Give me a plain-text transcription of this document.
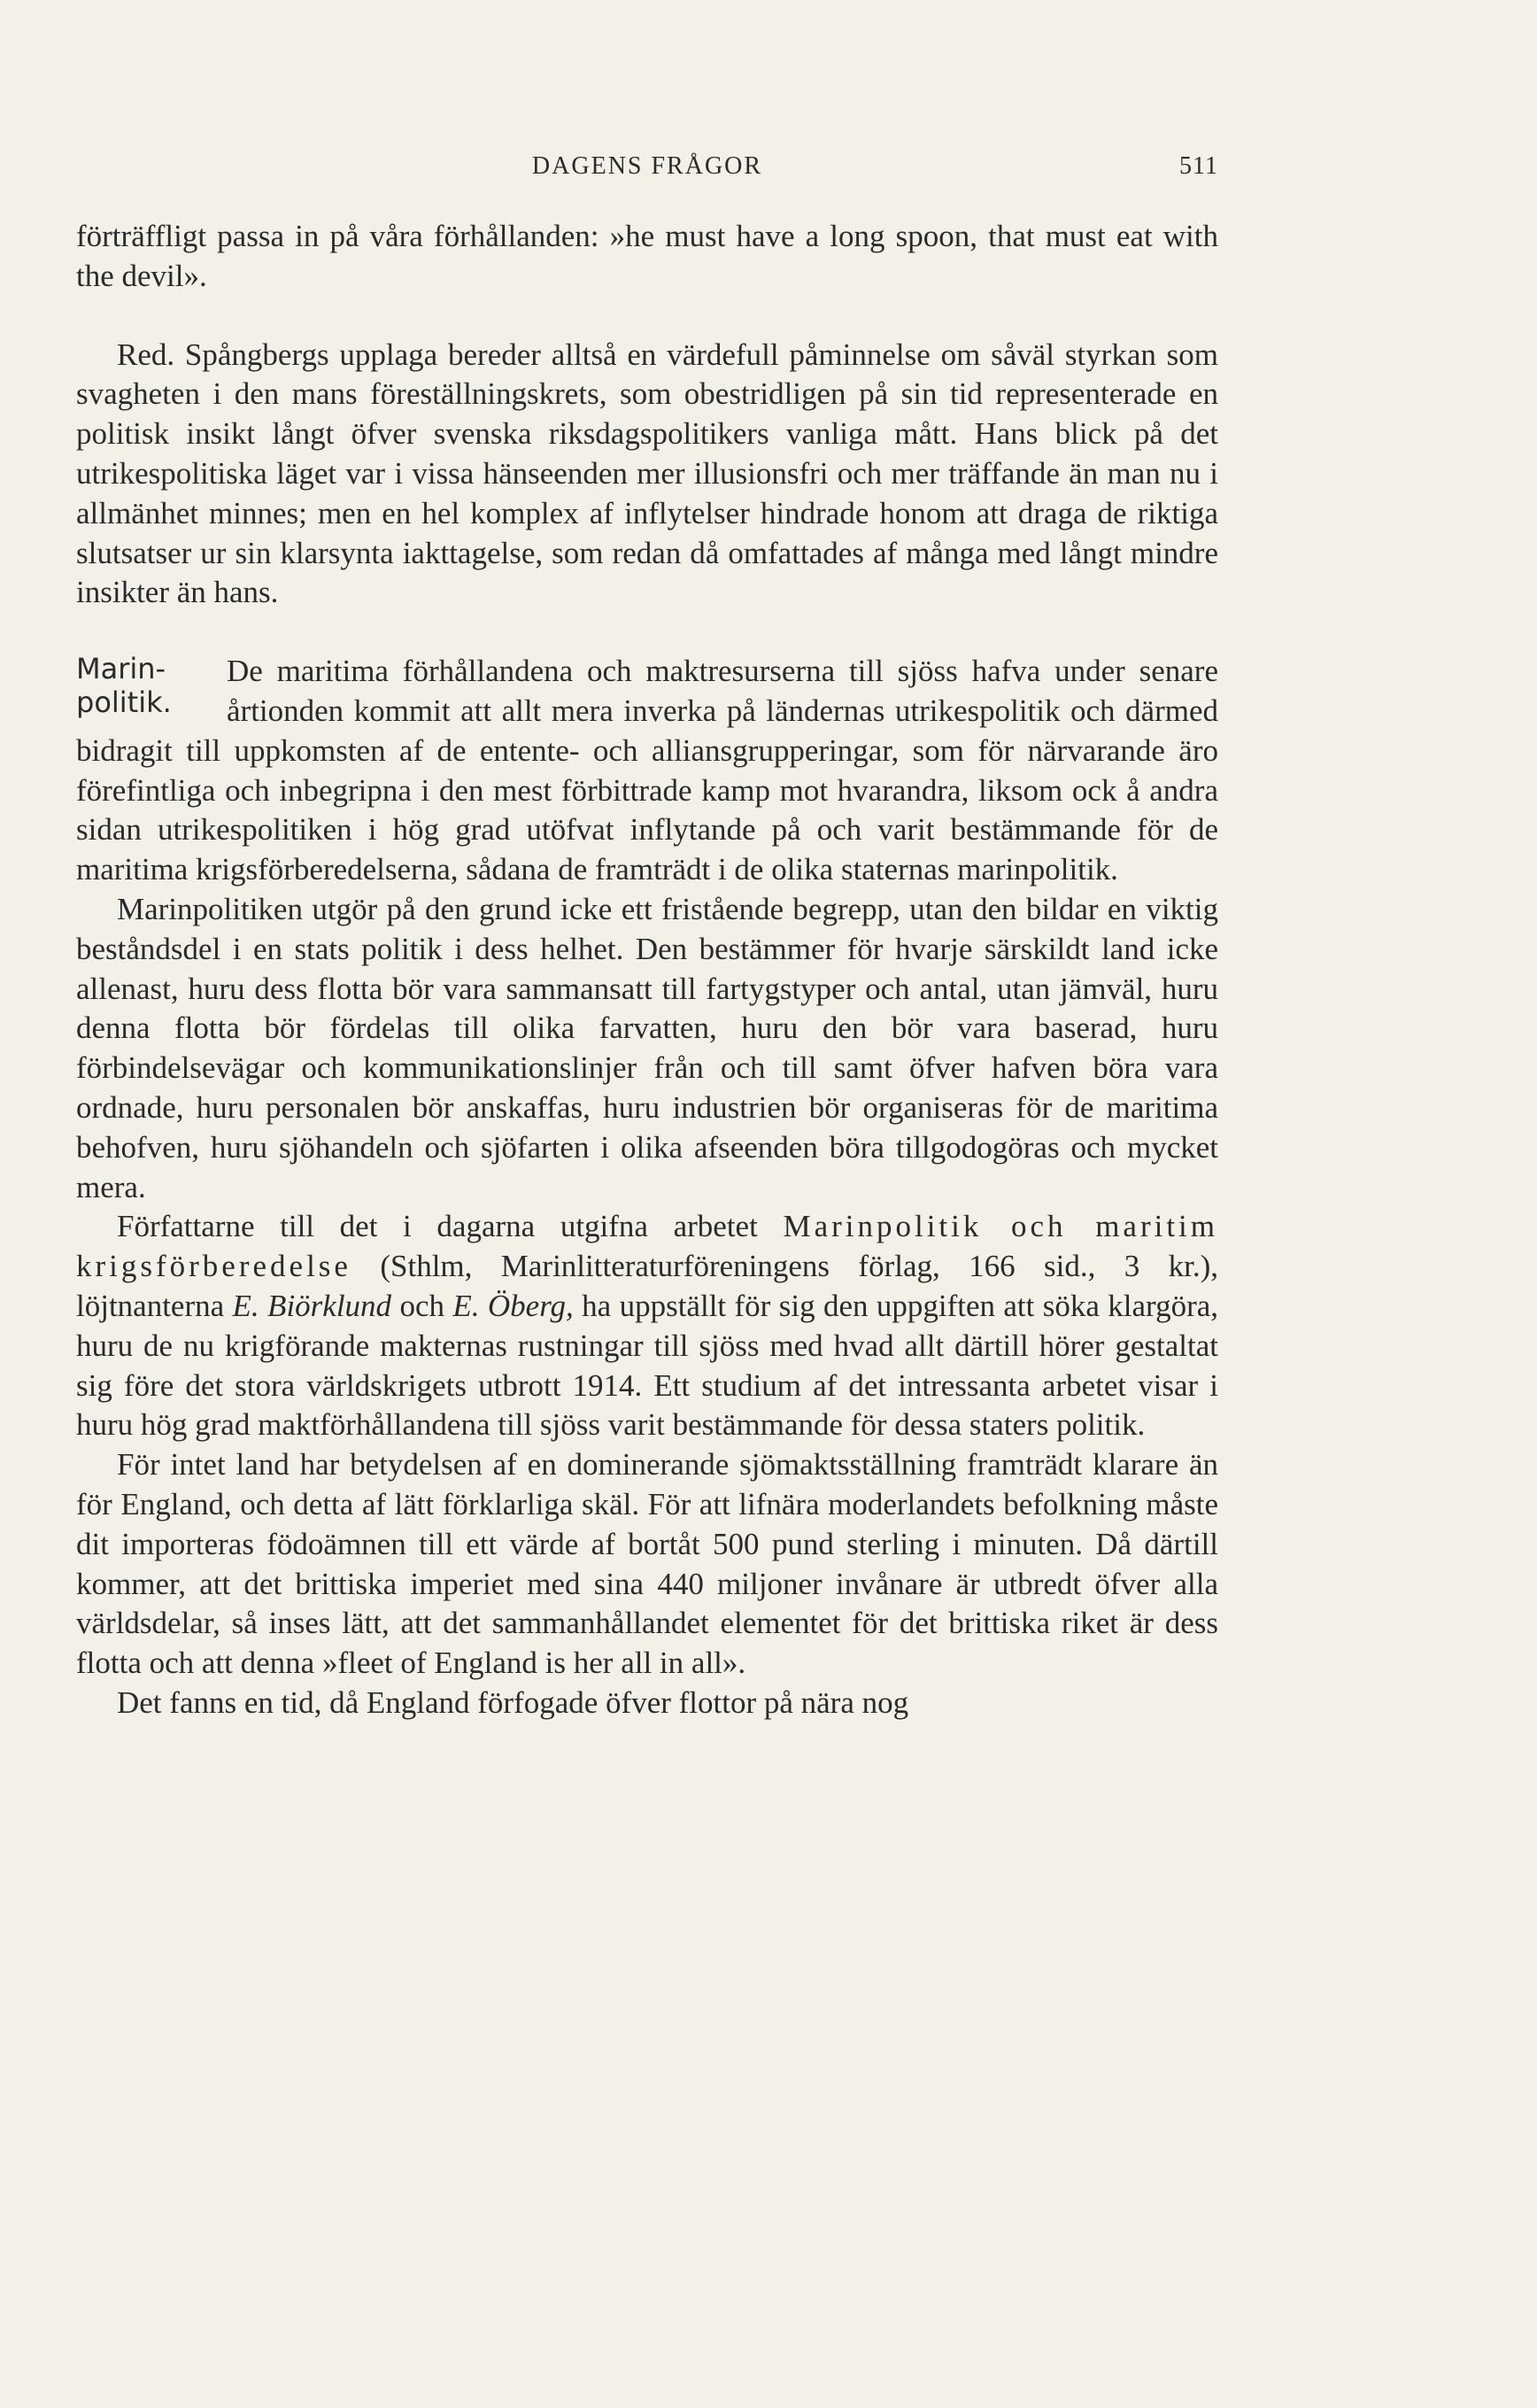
DAGENS FRÅGOR	511

förträffligt passa in på våra förhållanden: »he must have a long spoon, that must eat with the devil».

Red. Spångbergs upplaga bereder alltså en värdefull påminnelse om såväl styrkan som svagheten i den mans föreställningskrets, som obestridligen på sin tid representerade en politisk insikt långt öfver svenska riksdagspolitikers vanliga mått. Hans blick på det utrikespolitiska läget var i vissa hänseenden mer illusionsfri och mer träffande än man nu i allmänhet minnes; men en hel komplex af inflytelser hindrade honom att draga de riktiga slutsatser ur sin klarsynta iakttagelse, som redan då omfattades af många med långt mindre insikter än hans.

Marin-
politik.

De maritima förhållandena och maktresurserna till sjöss hafva under senare årtionden kommit att allt mera inverka på ländernas utrikespolitik och därmed bidragit till uppkomsten af de entente- och alliansgrupperingar, som för närvarande äro förefintliga och inbegripna i den mest förbittrade kamp mot hvarandra, liksom ock å andra sidan utrikespolitiken i hög grad utöfvat inflytande på och varit bestämmande för de maritima krigsförberedelserna, sådana de framträdt i de olika staternas marinpolitik.

Marinpolitiken utgör på den grund icke ett fristående begrepp, utan den bildar en viktig beståndsdel i en stats politik i dess helhet. Den bestämmer för hvarje särskildt land icke allenast, huru dess flotta bör vara sammansatt till fartygstyper och antal, utan jämväl, huru denna flotta bör fördelas till olika farvatten, huru den bör vara baserad, huru förbindelsevägar och kommunikationslinjer från och till samt öfver hafven böra vara ordnade, huru personalen bör anskaffas, huru industrien bör organiseras för de maritima behofven, huru sjöhandeln och sjöfarten i olika afseenden böra tillgodogöras och mycket mera.

Författarne till det i dagarna utgifna arbetet Marinpolitik och maritim krigsförberedelse (Sthlm, Marinlitteraturföreningens förlag, 166 sid., 3 kr.), löjtnanterna E. Biörklund och E. Öberg, ha uppställt för sig den uppgiften att söka klargöra, huru de nu krigförande makternas rustningar till sjöss med hvad allt därtill hörer gestaltat sig före det stora världskrigets utbrott 1914. Ett studium af det intressanta arbetet visar i huru hög grad maktförhållandena till sjöss varit bestämmande för dessa staters politik.

För intet land har betydelsen af en dominerande sjömaktsställning framträdt klarare än för England, och detta af lätt förklarliga skäl. För att lifnära moderlandets befolkning måste dit importeras födoämnen till ett värde af bortåt 500 pund sterling i minuten. Då därtill kommer, att det brittiska imperiet med sina 440 miljoner invånare är utbredt öfver alla världsdelar, så inses lätt, att det sammanhållandet elementet för det brittiska riket är dess flotta och att denna »fleet of England is her all in all».

Det fanns en tid, då England förfogade öfver flottor på nära nog
